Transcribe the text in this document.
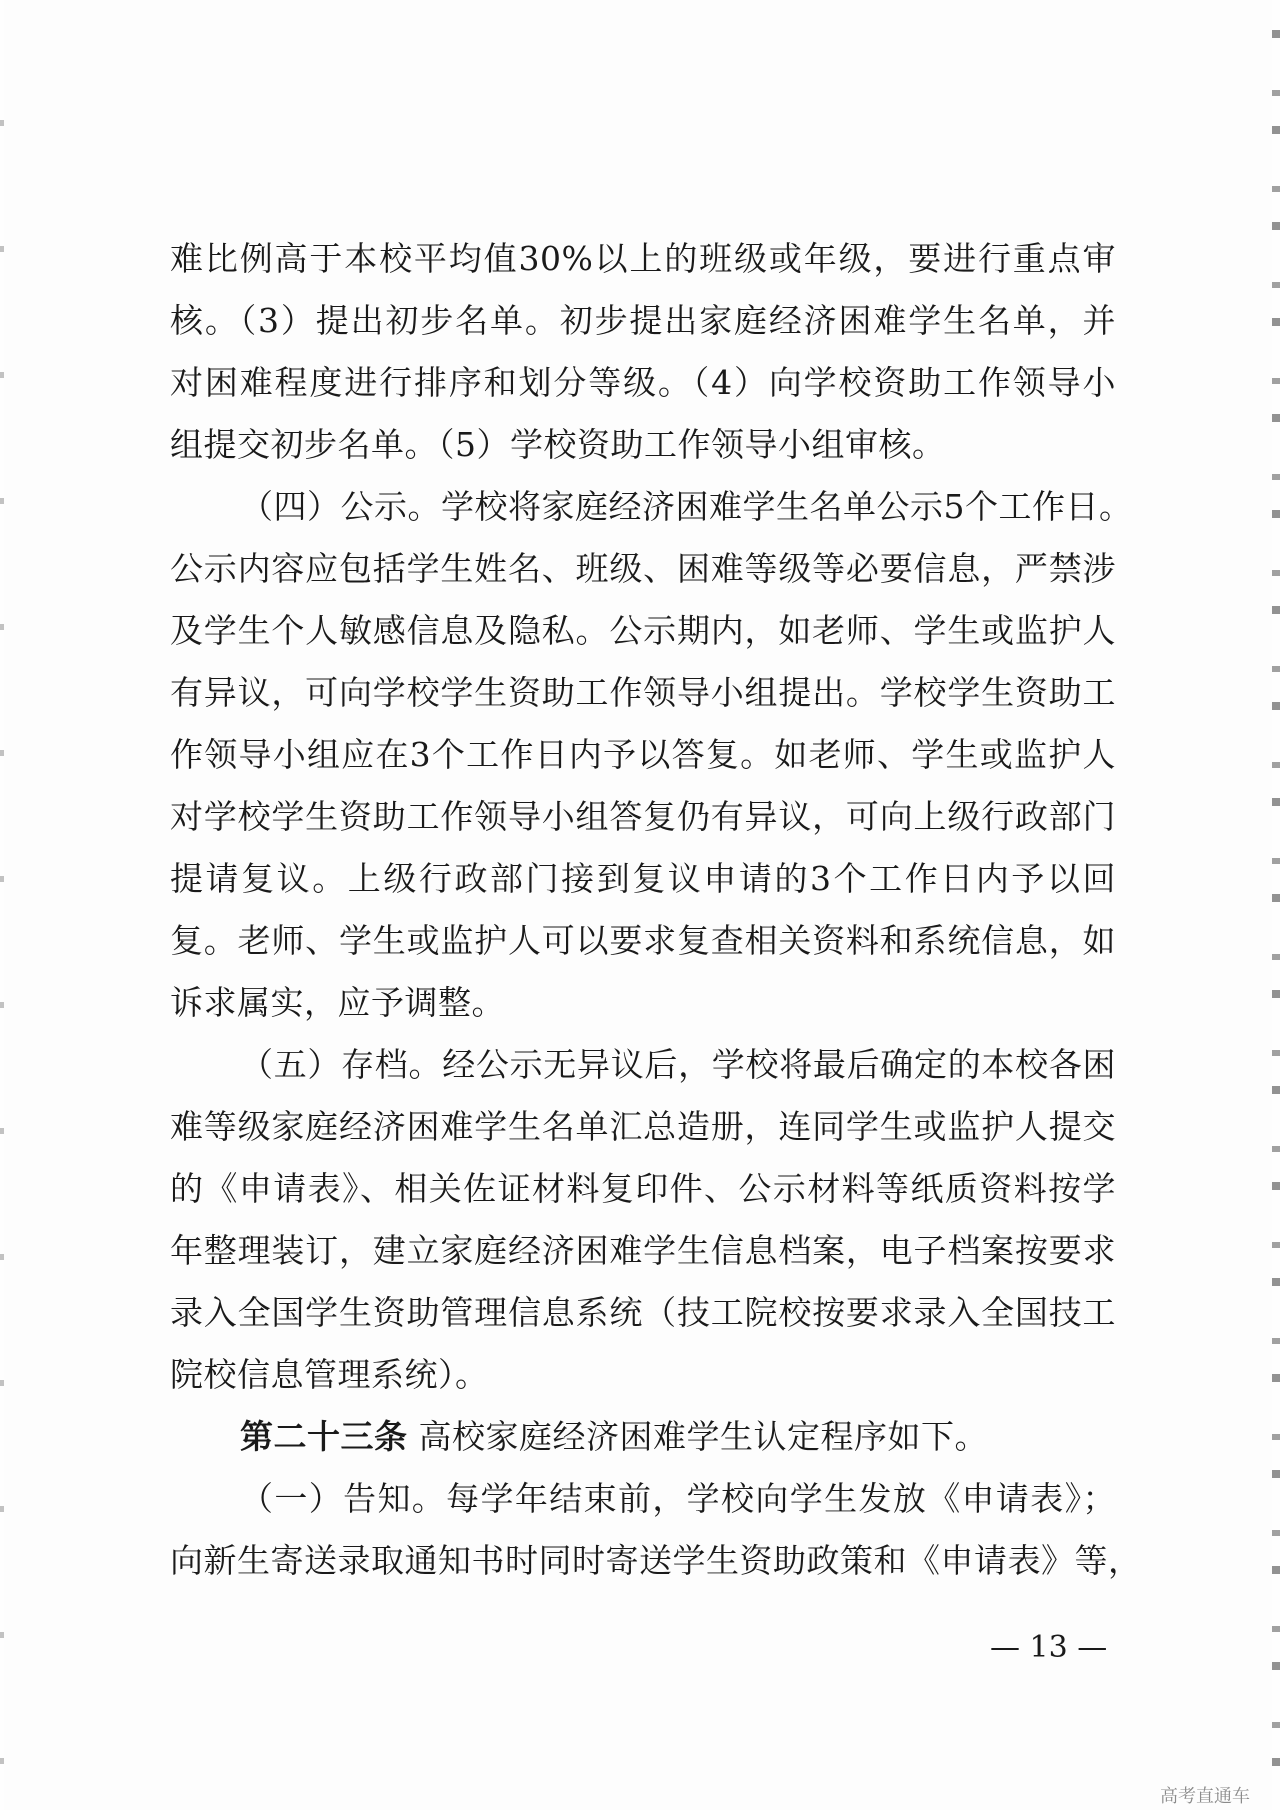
难比例高于本校平均值30%以上的班级或年级，要进行重点审
核。（3）提出初步名单。初步提出家庭经济困难学生名单，并
对困难程度进行排序和划分等级。（4）向学校资助工作领导小
组提交初步名单。（5）学校资助工作领导小组审核。
（四）公示。学校将家庭经济困难学生名单公示5个工作日。
公示内容应包括学生姓名、班级、困难等级等必要信息，严禁涉
及学生个人敏感信息及隐私。公示期内，如老师、学生或监护人
有异议，可向学校学生资助工作领导小组提出。学校学生资助工
作领导小组应在3个工作日内予以答复。如老师、学生或监护人
对学校学生资助工作领导小组答复仍有异议，可向上级行政部门
提请复议。上级行政部门接到复议申请的3个工作日内予以回
复。老师、学生或监护人可以要求复查相关资料和系统信息，如
诉求属实，应予调整。
（五）存档。经公示无异议后，学校将最后确定的本校各困
难等级家庭经济困难学生名单汇总造册，连同学生或监护人提交
的《申请表》、相关佐证材料复印件、公示材料等纸质资料按学
年整理装订，建立家庭经济困难学生信息档案，电子档案按要求
录入全国学生资助管理信息系统（技工院校按要求录入全国技工
院校信息管理系统）。
第二十三条 高校家庭经济困难学生认定程序如下。
（一）告知。每学年结束前，学校向学生发放《申请表》；
向新生寄送录取通知书时同时寄送学生资助政策和《申请表》等，
— 13 —
高考直通车
